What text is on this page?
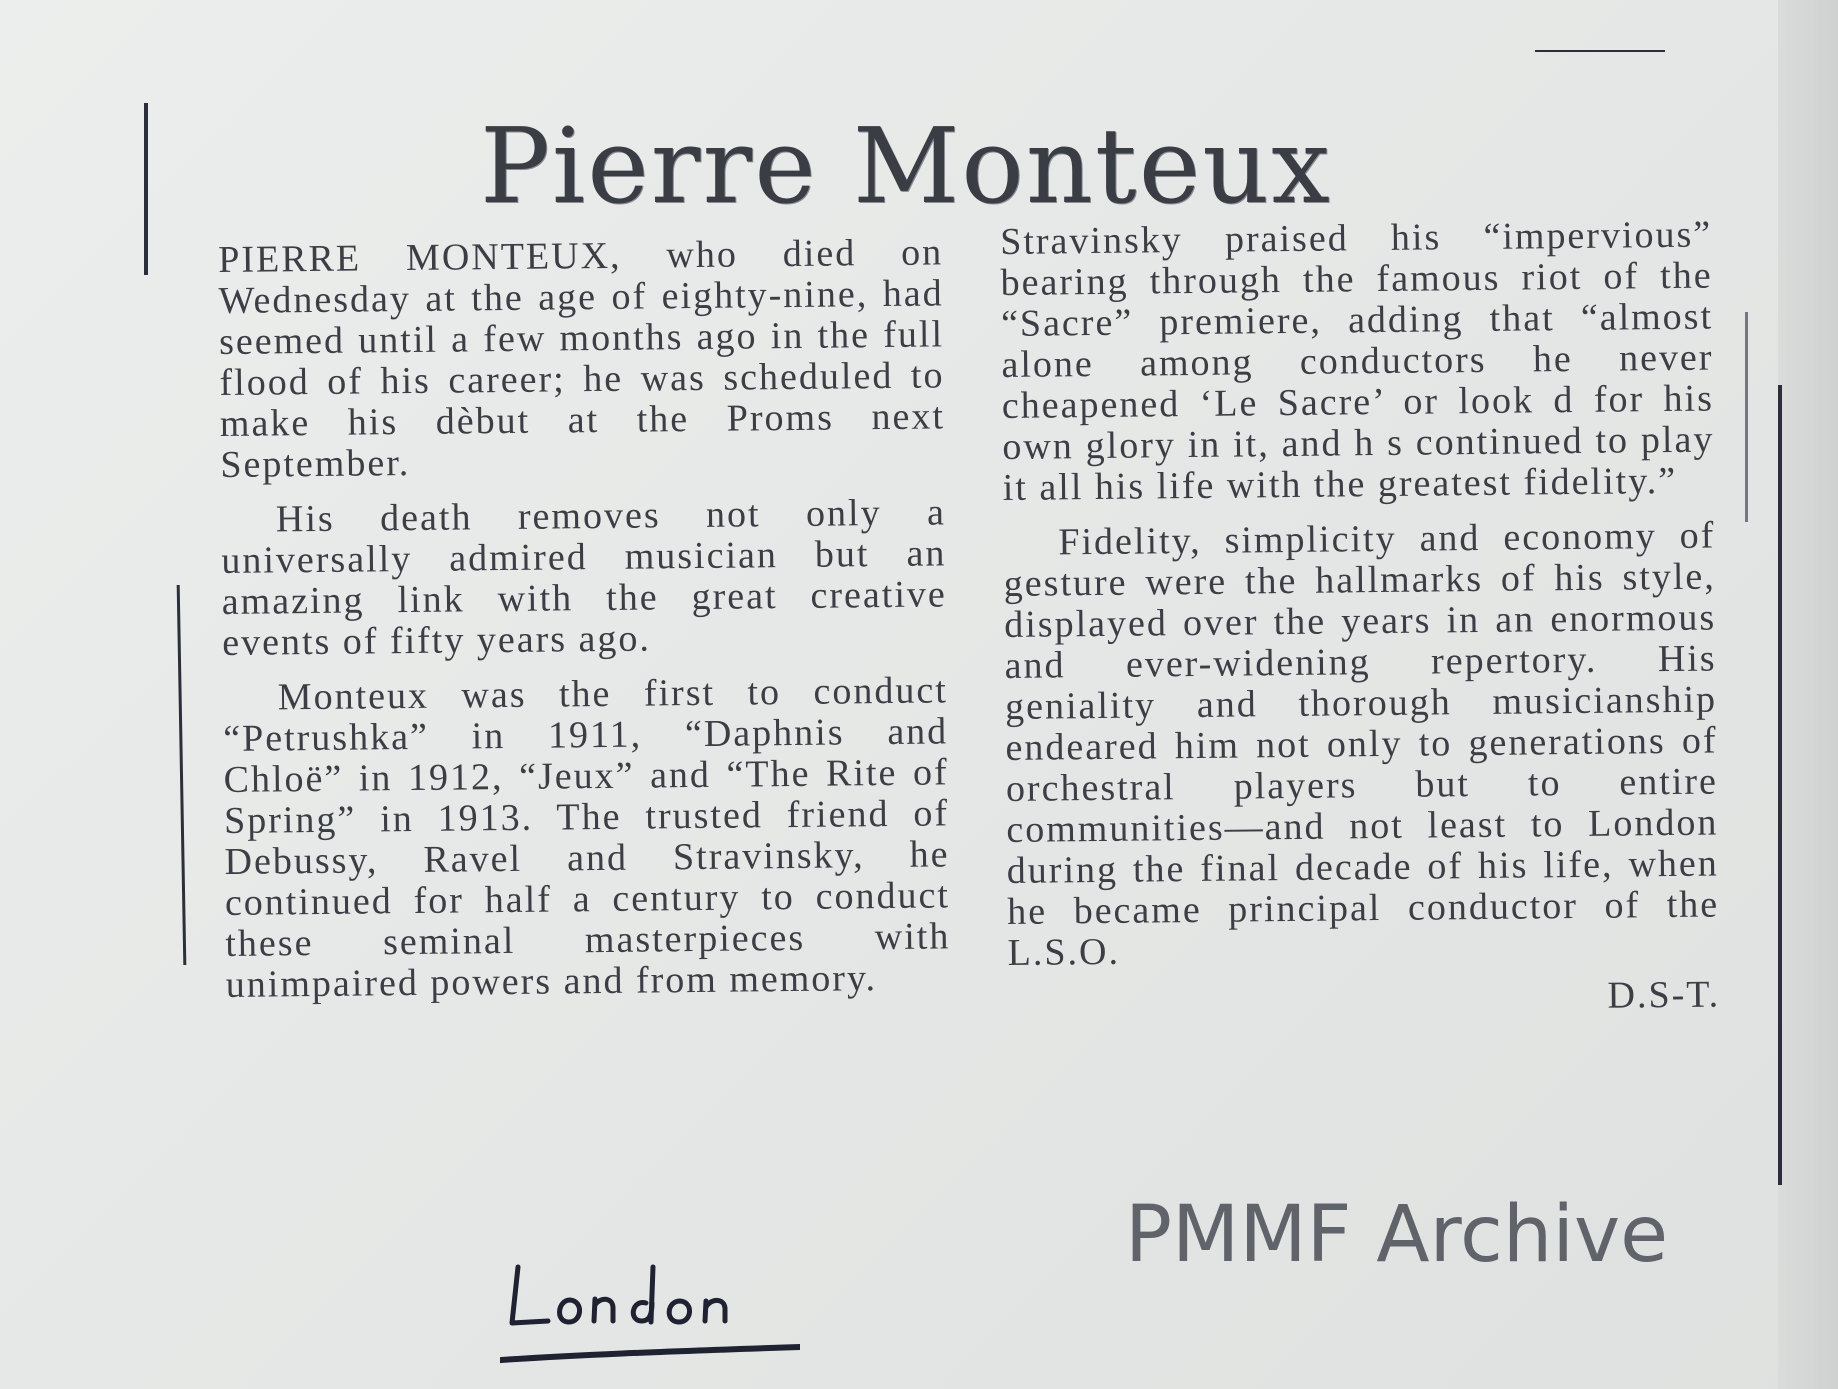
Pierre Monteux

PIERRE MONTEUX, who died on Wednesday at the age of eighty-nine, had seemed until a few months ago in the full flood of his career; he was scheduled to make his dèbut at the Proms next September.

His death removes not only a universally admired musician but an amazing link with the great creative events of fifty years ago.

Monteux was the first to conduct “Petrushka” in 1911, “Daphnis and Chloë” in 1912, “Jeux” and “The Rite of Spring” in 1913. The trusted friend of Debussy, Ravel and Stravinsky, he continued for half a century to conduct these seminal masterpieces with unimpaired powers and from memory.

Stravinsky praised his “impervious” bearing through the famous riot of the “Sacre” premiere, adding that “almost alone among conductors he never cheapened ‘Le Sacre’ or look d for his own glory in it, and h s continued to play it all his life with the greatest fidelity.”

Fidelity, simplicity and economy of gesture were the hallmarks of his style, displayed over the years in an enormous and ever-widening repertory. His geniality and thorough musicianship endeared him not only to generations of orchestral players but to entire communities—and not least to London during the final decade of his life, when he became principal conductor of the L.S.O.

D.S-T.
PMMF Archive
